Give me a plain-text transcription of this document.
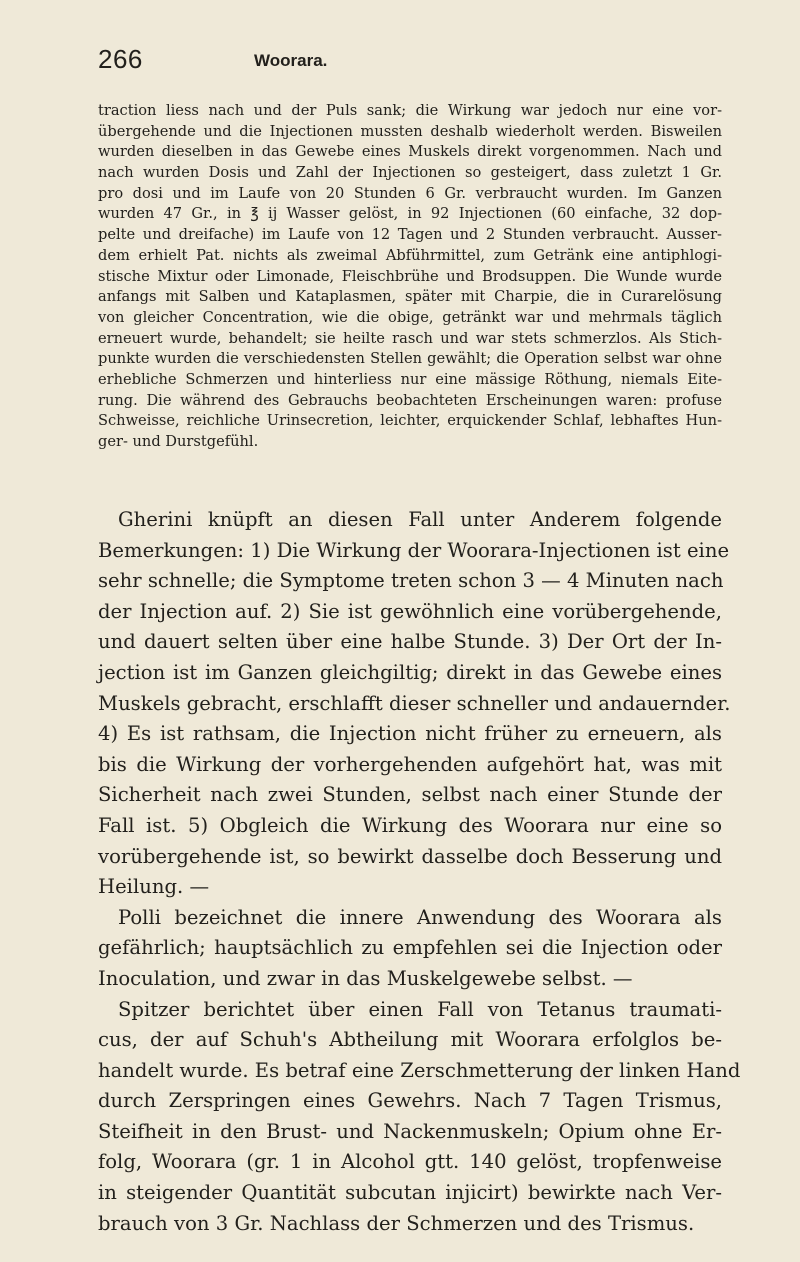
266	Woorara.
traction liess nach und der Puls sank; die Wirkung war jedoch nur eine vor-
übergehende und die Injectionen mussten deshalb wiederholt werden. Bisweilen
wurden dieselben in das Gewebe eines Muskels direkt vorgenommen. Nach und
nach wurden Dosis und Zahl der Injectionen so gesteigert, dass zuletzt 1 Gr.
pro dosi und im Laufe von 20 Stunden 6 Gr. verbraucht wurden. Im Ganzen
wurden 47 Gr., in ℥ ij Wasser gelöst, in 92 Injectionen (60 einfache, 32 dop-
pelte und dreifache) im Laufe von 12 Tagen und 2 Stunden verbraucht. Ausser-
dem erhielt Pat. nichts als zweimal Abführmittel, zum Getränk eine antiphlogi-
stische Mixtur oder Limonade, Fleischbrühe und Brodsuppen. Die Wunde wurde
anfangs mit Salben und Kataplasmen, später mit Charpie, die in Curarelösung
von gleicher Concentration, wie die obige, getränkt war und mehrmals täglich
erneuert wurde, behandelt; sie heilte rasch und war stets schmerzlos. Als Stich-
punkte wurden die verschiedensten Stellen gewählt; die Operation selbst war ohne
erhebliche Schmerzen und hinterliess nur eine mässige Röthung, niemals Eite-
rung. Die während des Gebrauchs beobachteten Erscheinungen waren: profuse
Schweisse, reichliche Urinsecretion, leichter, erquickender Schlaf, lebhaftes Hun-
ger- und Durstgefühl.
Gherini knüpft an diesen Fall unter Anderem folgende
Bemerkungen: 1) Die Wirkung der Woorara-Injectionen ist eine
sehr schnelle; die Symptome treten schon 3 — 4 Minuten nach
der Injection auf. 2) Sie ist gewöhnlich eine vorübergehende,
und dauert selten über eine halbe Stunde. 3) Der Ort der In-
jection ist im Ganzen gleichgiltig; direkt in das Gewebe eines
Muskels gebracht, erschlafft dieser schneller und andauernder.
4) Es ist rathsam, die Injection nicht früher zu erneuern, als
bis die Wirkung der vorhergehenden aufgehört hat, was mit
Sicherheit nach zwei Stunden, selbst nach einer Stunde der
Fall ist. 5) Obgleich die Wirkung des Woorara nur eine so
vorübergehende ist, so bewirkt dasselbe doch Besserung und
Heilung. —
Polli bezeichnet die innere Anwendung des Woorara als
gefährlich; hauptsächlich zu empfehlen sei die Injection oder
Inoculation, und zwar in das Muskelgewebe selbst. —
Spitzer berichtet über einen Fall von Tetanus traumati-
cus, der auf Schuh's Abtheilung mit Woorara erfolglos be-
handelt wurde. Es betraf eine Zerschmetterung der linken Hand
durch Zerspringen eines Gewehrs. Nach 7 Tagen Trismus,
Steifheit in den Brust- und Nackenmuskeln; Opium ohne Er-
folg, Woorara (gr. 1 in Alcohol gtt. 140 gelöst, tropfenweise
in steigender Quantität subcutan injicirt) bewirkte nach Ver-
brauch von 3 Gr. Nachlass der Schmerzen und des Trismus.
